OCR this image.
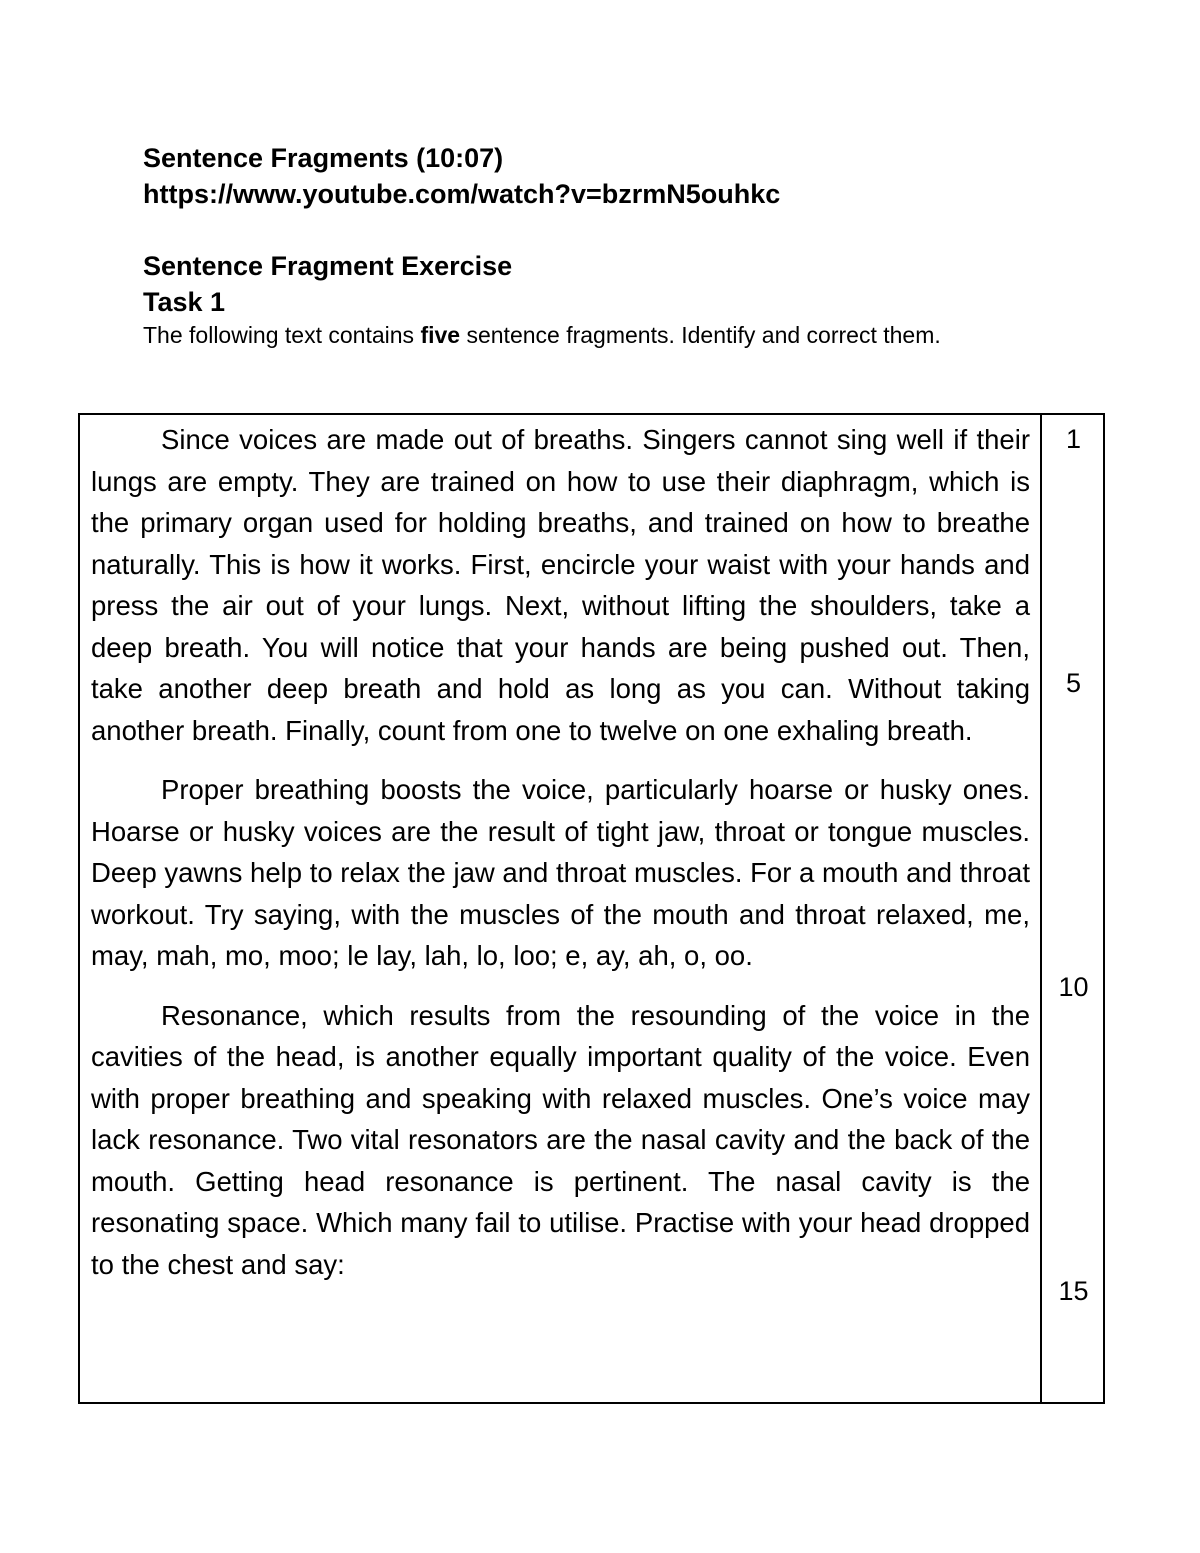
Sentence Fragments (10:07)

https://www.youtube.com/watch?v=bzrmN5ouhkc

Sentence Fragment Exercise

Task 1

The following text contains five sentence fragments. Identify and correct them.

Since voices are made out of breaths. Singers cannot sing well if their lungs are empty. They are trained on how to use their diaphragm, which is the primary organ used for holding breaths, and trained on how to breathe naturally. This is how it works. First, encircle your waist with your hands and press the air out of your lungs. Next, without lifting the shoulders, take a deep breath. You will notice that your hands are being pushed out. Then, take another deep breath and hold as long as you can. Without taking another breath. Finally, count from one to twelve on one exhaling breath.

Proper breathing boosts the voice, particularly hoarse or husky ones. Hoarse or husky voices are the result of tight jaw, throat or tongue muscles. Deep yawns help to relax the jaw and throat muscles. For a mouth and throat workout. Try saying, with the muscles of the mouth and throat relaxed, me, may, mah, mo, moo; le lay, lah, lo, loo; e, ay, ah, o, oo.

Resonance, which results from the resounding of the voice in the cavities of the head, is another equally important quality of the voice. Even with proper breathing and speaking with relaxed muscles. One’s voice may lack resonance. Two vital resonators are the nasal cavity and the back of the mouth. Getting head resonance is pertinent. The nasal cavity is the resonating space. Which many fail to utilise. Practise with your head dropped to the chest and say:

1
5
10
15
